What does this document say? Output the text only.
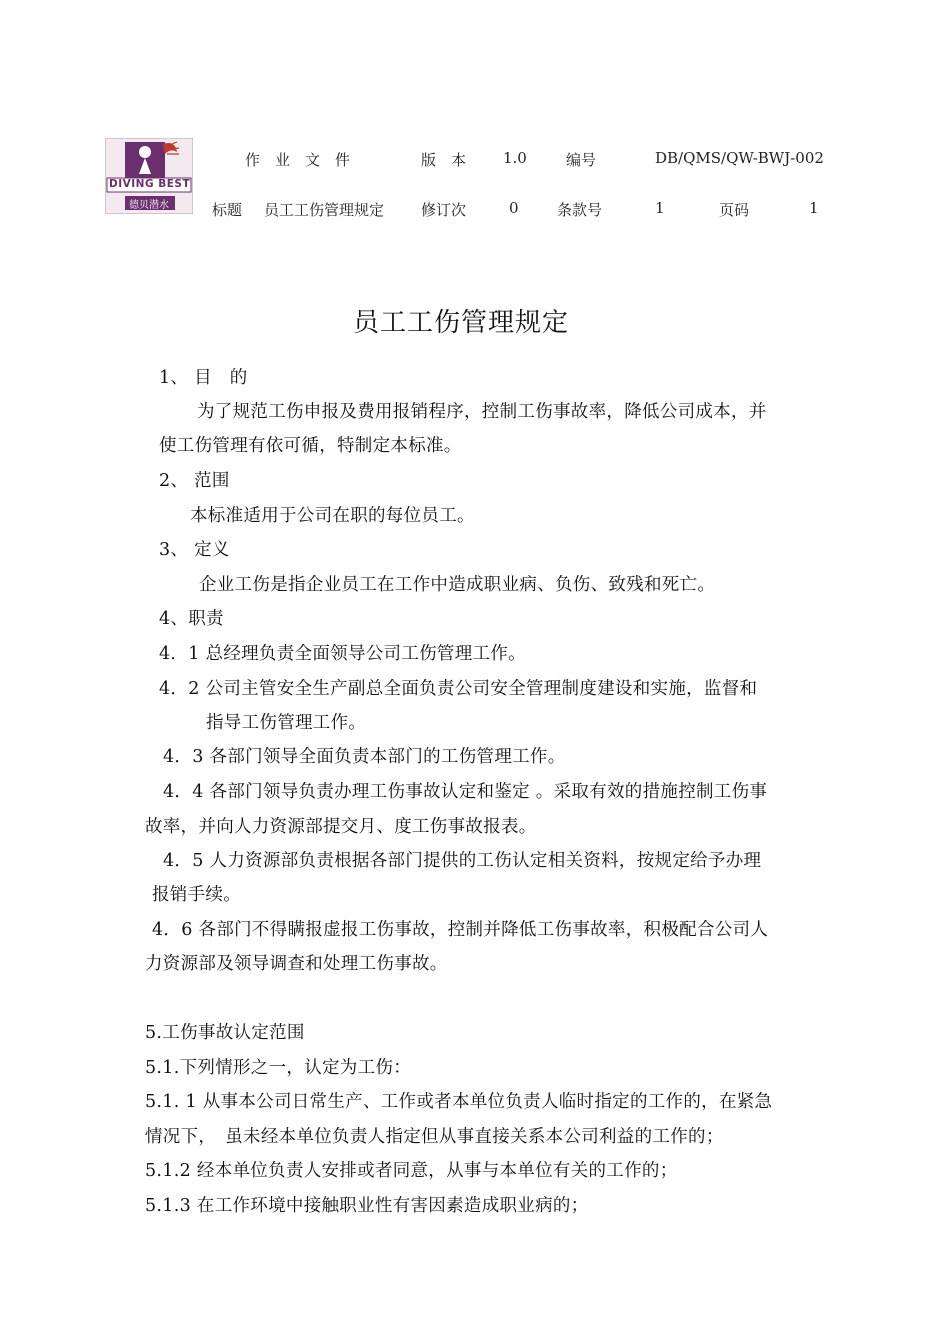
DIVING BEST
德贝潜水
作　业　文　件	版　本 1.0	编号	DB/QMS/QW-BWJ-002
标题 员工工伤管理规定 修订次	0	条款号	1	页码	1
员工工伤管理规定
1、 目　的
为了规范工伤申报及费用报销程序，控制工伤事故率，降低公司成本，并
使工伤管理有依可循，特制定本标准。
2、 范围
本标准适用于公司在职的每位员工。
3、 定义
企业工伤是指企业员工在工作中造成职业病、负伤、致残和死亡。
4、职责
4．1 总经理负责全面领导公司工伤管理工作。
4．2 公司主管安全生产副总全面负责公司安全管理制度建设和实施，监督和
指导工伤管理工作。
4．3 各部门领导全面负责本部门的工伤管理工作。
4．4 各部门领导负责办理工伤事故认定和鉴定 。采取有效的措施控制工伤事
故率，并向人力资源部提交月、度工伤事故报表。
4．5 人力资源部负责根据各部门提供的工伤认定相关资料，按规定给予办理
报销手续。
4．6 各部门不得瞒报虚报工伤事故，控制并降低工伤事故率，积极配合公司人
力资源部及领导调查和处理工伤事故。
5.工伤事故认定范围
5.1.下列情形之一，认定为工伤：
5.1. 1 从事本公司日常生产、工作或者本单位负责人临时指定的工作的，在紧急
情况下，　虽未经本单位负责人指定但从事直接关系本公司利益的工作的；
5.1.2 经本单位负责人安排或者同意，从事与本单位有关的工作的；
5.1.3 在工作环境中接触职业性有害因素造成职业病的；
